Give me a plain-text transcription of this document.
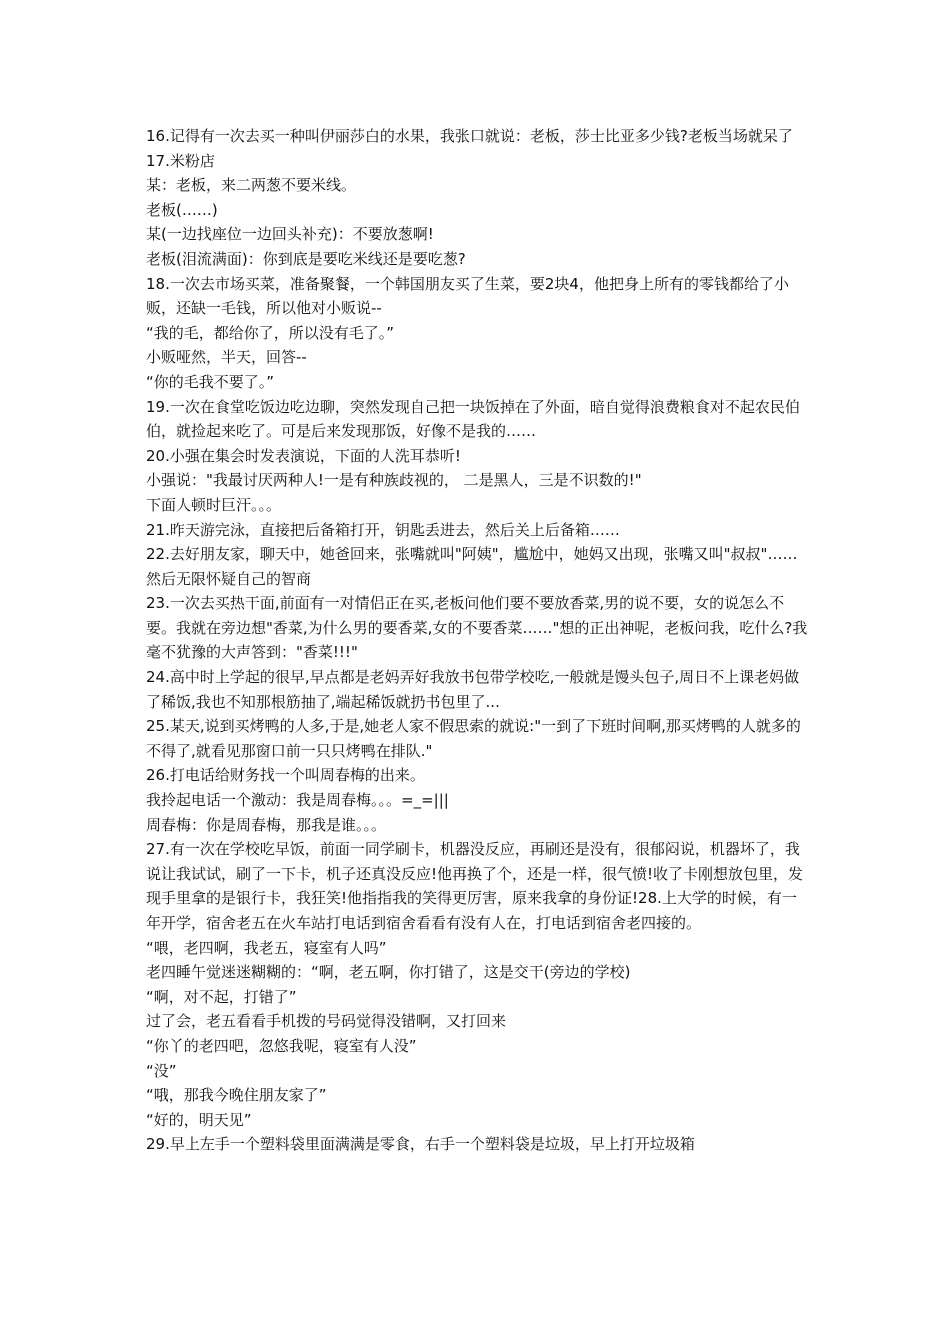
16.记得有一次去买一种叫伊丽莎白的水果，我张口就说：老板，莎士比亚多少钱?老板当场就呆了

17.米粉店

某：老板，来二两葱不要米线。

老板(……)

某(一边找座位一边回头补充)：不要放葱啊!

老板(泪流满面)：你到底是要吃米线还是要吃葱?

18.一次去市场买菜，准备聚餐，一个韩国朋友买了生菜，要2块4，他把身上所有的零钱都给了小贩，还缺一毛钱，所以他对小贩说--

“我的毛，都给你了，所以没有毛了。”

小贩哑然，半天，回答--

“你的毛我不要了。”

19.一次在食堂吃饭边吃边聊，突然发现自己把一块饭掉在了外面，暗自觉得浪费粮食对不起农民伯伯，就捡起来吃了。可是后来发现那饭，好像不是我的……

20.小强在集会时发表演说，下面的人洗耳恭听!

小强说："我最讨厌两种人!一是有种族歧视的， 二是黑人，三是不识数的!"

下面人顿时巨汗。。。

21.昨天游完泳，直接把后备箱打开，钥匙丢进去，然后关上后备箱……

22.去好朋友家，聊天中，她爸回来，张嘴就叫"阿姨"，尴尬中，她妈又出现，张嘴又叫"叔叔"……然后无限怀疑自己的智商

23.一次去买热干面,前面有一对情侣正在买,老板问他们要不要放香菜,男的说不要，女的说怎么不要。我就在旁边想"香菜,为什么男的要香菜,女的不要香菜……"想的正出神呢，老板问我，吃什么?我毫不犹豫的大声答到："香菜!!!"

24.高中时上学起的很早,早点都是老妈弄好我放书包带学校吃,一般就是馒头包子,周日不上课老妈做了稀饭,我也不知那根筋抽了,端起稀饭就扔书包里了...

25.某天,说到买烤鸭的人多,于是,她老人家不假思索的就说:"一到了下班时间啊,那买烤鸭的人就多的不得了,就看见那窗口前一只只烤鸭在排队."

26.打电话给财务找一个叫周春梅的出来。

我拎起电话一个激动：我是周春梅。。。=_=|||

周春梅：你是周春梅，那我是谁。。。

27.有一次在学校吃早饭，前面一同学刷卡，机器没反应，再刷还是没有，很郁闷说，机器坏了，我说让我试试，刷了一下卡，机子还真没反应!他再换了个，还是一样，很气愤!收了卡刚想放包里，发现手里拿的是银行卡，我狂笑!他指指我的笑得更厉害，原来我拿的身份证!28.上大学的时候，有一年开学，宿舍老五在火车站打电话到宿舍看看有没有人在，打电话到宿舍老四接的。

“喂，老四啊，我老五，寝室有人吗”

老四睡午觉迷迷糊糊的：“啊，老五啊，你打错了，这是交干(旁边的学校)

“啊，对不起，打错了”

过了会，老五看看手机拨的号码觉得没错啊，又打回来

“你丫的老四吧，忽悠我呢，寝室有人没”

“没”

“哦，那我今晚住朋友家了”

“好的，明天见”

29.早上左手一个塑料袋里面满满是零食，右手一个塑料袋是垃圾，早上打开垃圾箱
